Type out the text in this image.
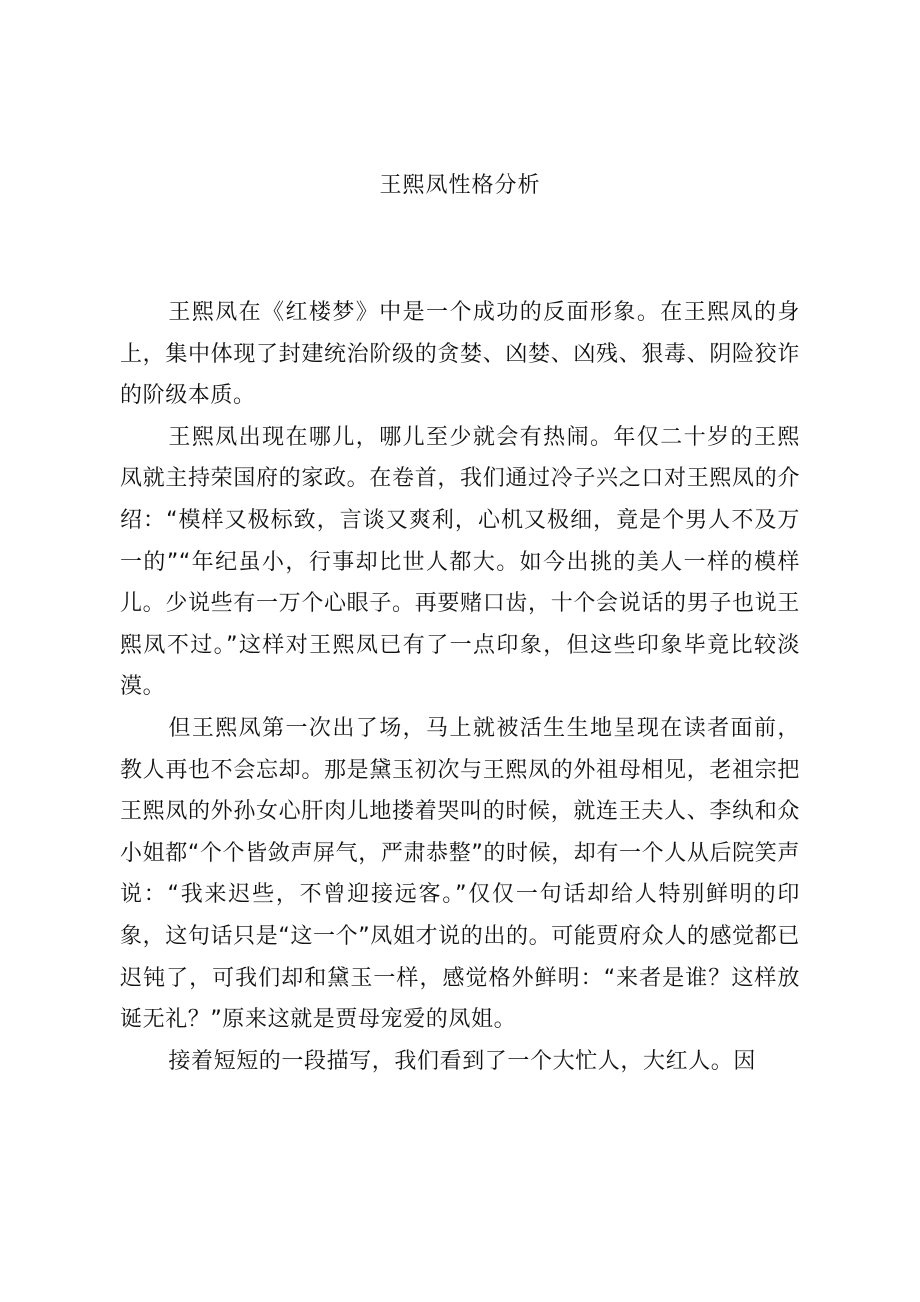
王熙凤性格分析

王熙凤在《红楼梦》中是一个成功的反面形象。在王熙凤的身上，集中体现了封建统治阶级的贪婪、凶婪、凶残、狠毒、阴险狡诈的阶级本质。

王熙凤出现在哪儿，哪儿至少就会有热闹。年仅二十岁的王熙凤就主持荣国府的家政。在卷首，我们通过冷子兴之口对王熙凤的介绍：“模样又极标致，言谈又爽利，心机又极细，竟是个男人不及万一的”“年纪虽小，行事却比世人都大。如今出挑的美人一样的模样儿。少说些有一万个心眼子。再要赌口齿，十个会说话的男子也说王熙凤不过。”这样对王熙凤已有了一点印象，但这些印象毕竟比较淡漠。

但王熙凤第一次出了场，马上就被活生生地呈现在读者面前，教人再也不会忘却。那是黛玉初次与王熙凤的外祖母相见，老祖宗把王熙凤的外孙女心肝肉儿地搂着哭叫的时候，就连王夫人、李纨和众小姐都“个个皆敛声屏气，严肃恭整”的时候，却有一个人从后院笑声说：“我来迟些，不曾迎接远客。”仅仅一句话却给人特别鲜明的印象，这句话只是“这一个”凤姐才说的出的。可能贾府众人的感觉都已迟钝了，可我们却和黛玉一样，感觉格外鲜明：“来者是谁？这样放诞无礼？”原来这就是贾母宠爱的凤姐。

接着短短的一段描写，我们看到了一个大忙人，大红人。因
